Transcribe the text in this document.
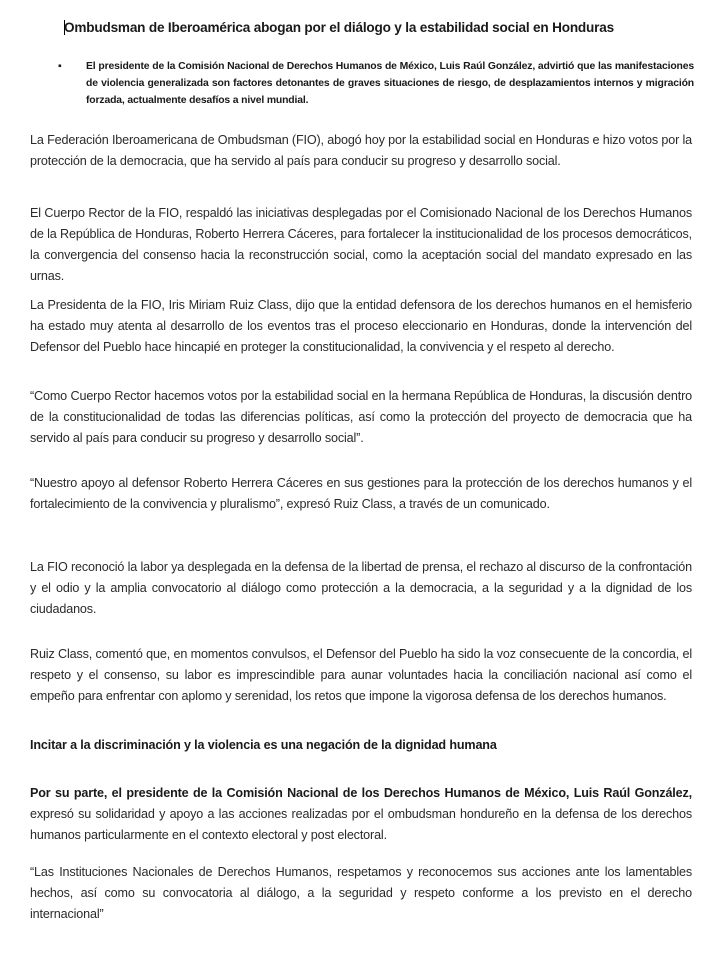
Ombudsman de Iberoamérica abogan por el diálogo y la estabilidad social en Honduras
▪ El presidente de la Comisión Nacional de Derechos Humanos de México, Luis Raúl González, advirtió que las manifestaciones de violencia generalizada son factores detonantes de graves situaciones de riesgo, de desplazamientos internos y migración forzada, actualmente desafíos a nivel mundial.

La Federación Iberoamericana de Ombudsman (FIO), abogó hoy por la estabilidad social en Honduras e hizo votos por la protección de la democracia, que ha servido al país para conducir su progreso y desarrollo social.

El Cuerpo Rector de la FIO, respaldó las iniciativas desplegadas por el Comisionado Nacional de los Derechos Humanos de la República de Honduras, Roberto Herrera Cáceres, para fortalecer la institucionalidad de los procesos democráticos, la convergencia del consenso hacia la reconstrucción social, como la aceptación social del mandato expresado en las urnas.

La Presidenta de la FIO, Iris Miriam Ruiz Class, dijo que la entidad defensora de los derechos humanos en el hemisferio ha estado muy atenta al desarrollo de los eventos tras el proceso eleccionario en Honduras, donde la intervención del Defensor del Pueblo hace hincapié en proteger la constitucionalidad, la convivencia y el respeto al derecho.

“Como Cuerpo Rector hacemos votos por la estabilidad social en la hermana República de Honduras, la discusión dentro de la constitucionalidad de todas las diferencias políticas, así como la protección del proyecto de democracia que ha servido al país para conducir su progreso y desarrollo social”.

“Nuestro apoyo al defensor Roberto Herrera Cáceres en sus gestiones para la protección de los derechos humanos y el fortalecimiento de la convivencia y pluralismo”, expresó Ruiz Class, a través de un comunicado.

La FIO reconoció la labor ya desplegada en la defensa de la libertad de prensa, el rechazo al discurso de la confrontación y el odio y la amplia convocatorio al diálogo como protección a la democracia, a la seguridad y a la dignidad de los ciudadanos.

Ruiz Class, comentó que, en momentos convulsos, el Defensor del Pueblo ha sido la voz consecuente de la concordia, el respeto y el consenso, su labor es imprescindible para aunar voluntades hacia la conciliación nacional así como el empeño para enfrentar con aplomo y serenidad, los retos que impone la vigorosa defensa de los derechos humanos.

Incitar a la discriminación y la violencia es una negación de la dignidad humana

Por su parte, el presidente de la Comisión Nacional de los Derechos Humanos de México, Luis Raúl González, expresó su solidaridad y apoyo a las acciones realizadas por el ombudsman hondureño en la defensa de los derechos humanos particularmente en el contexto electoral y post electoral.

“Las Instituciones Nacionales de Derechos Humanos, respetamos y reconocemos sus acciones ante los lamentables hechos, así como su convocatoria al diálogo, a la seguridad y respeto conforme a los previsto en el derecho internacional”
